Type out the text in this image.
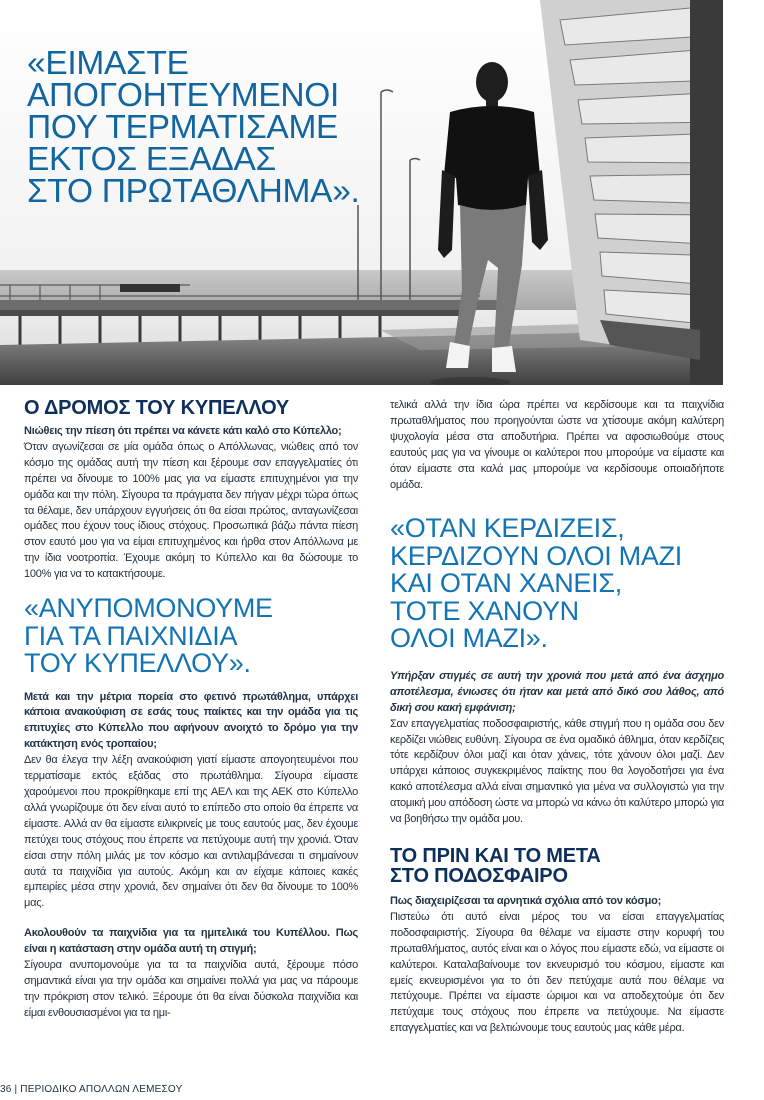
«ΕΙΜΑΣΤΕ
ΑΠΟΓΟΗΤΕΥΜΕΝΟΙ
ΠΟΥ ΤΕΡΜΑΤΙΣΑΜΕ
ΕΚΤΟΣ ΕΞΑΔΑΣ
ΣΤΟ ΠΡΩΤΑΘΛΗΜΑ».

Ο ΔΡΟΜΟΣ ΤΟΥ ΚΥΠΕΛΛΟΥ

Νιώθεις την πίεση ότι πρέπει να κάνετε κάτι καλό στο Κύπελλο;
Όταν αγωνίζεσαι σε μία ομάδα όπως ο Απόλλωνας, νιώθεις από τον κόσμο της ομάδας αυτή την πίεση και ξέρουμε σαν επαγγελματίες ότι πρέπει να δίνουμε το 100% μας για να είμαστε επιτυχημένοι για την ομάδα και την πόλη. Σίγουρα τα πράγματα δεν πήγαν μέχρι τώρα όπως τα θέλαμε, δεν υπάρχουν εγγυήσεις ότι θα είσαι πρώτος, ανταγωνίζεσαι ομάδες που έχουν τους ίδιους στόχους. Προσωπικά βάζω πάντα πίεση στον εαυτό μου για να είμαι επιτυχημένος και ήρθα στον Απόλλωνα με την ίδια νοοτροπία. Έχουμε ακόμη το Κύπελλο και θα δώσουμε το 100% για να το κατακτήσουμε.

«ΑΝΥΠΟΜΟΝΟΥΜΕ
ΓΙΑ ΤΑ ΠΑΙΧΝΙΔΙΑ
ΤΟΥ ΚΥΠΕΛΛΟΥ».

Μετά και την μέτρια πορεία στο φετινό πρωτάθλημα, υπάρχει κάποια ανακούφιση σε εσάς τους παίκτες και την ομάδα για τις επιτυχίες στο Κύπελλο που αφήνουν ανοιχτό το δρόμο για την κατάκτηση ενός τροπαίου;
Δεν θα έλεγα την λέξη ανακούφιση γιατί είμαστε απογοητευμένοι που τερματίσαμε εκτός εξάδας στο πρωτάθλημα. Σίγουρα είμαστε χαρούμενοι που προκρίθηκαμε επί της ΑΕΛ και της ΑΕΚ στο Κύπελλο αλλά γνωρίζουμε ότι δεν είναι αυτό το επίπεδο στο οποίο θα έπρεπε να είμαστε. Αλλά αν θα είμαστε ειλικρινείς με τους εαυτούς μας, δεν έχουμε πετύχει τους στόχους που έπρεπε να πετύχουμε αυτή την χρονιά. Όταν είσαι στην πόλη μιλάς με τον κόσμο και αντιλαμβάνεσαι τι σημαίνουν αυτά τα παιχνίδια για αυτούς. Ακόμη και αν είχαμε κάποιες κακές εμπειρίες μέσα στην χρονιά, δεν σημαίνει ότι δεν θα δίνουμε το 100% μας.

Ακολουθούν τα παιχνίδια για τα ημιτελικά του Κυπέλλου. Πως είναι η κατάσταση στην ομάδα αυτή τη στιγμή;
Σίγουρα ανυπομονούμε για τα τα παιχνίδια αυτά, ξέρουμε πόσο σημαντικά είναι για την ομάδα και σημαίνει πολλά για μας να πάρουμε την πρόκριση στον τελικό. Ξέρουμε ότι θα είναι δύσκολα παιχνίδια και είμαι ενθουσιασμένοι για τα ημι-

τελικά αλλά την ίδια ώρα πρέπει να κερδίσουμε και τα παιχνίδια πρωταθλήματος που προηγούνται ώστε να χτίσουμε ακόμη καλύτερη ψυχολογία μέσα στα αποδυτήρια. Πρέπει να αφοσιωθούμε στους εαυτούς μας για να γίνουμε οι καλύτεροι που μπορούμε να είμαστε και όταν είμαστε στα καλά μας μπορούμε να κερδίσουμε οποιαδήποτε ομάδα.

«ΟΤΑΝ ΚΕΡΔΙΖΕΙΣ,
ΚΕΡΔΙΖΟΥΝ ΟΛΟΙ ΜΑΖΙ
ΚΑΙ ΟΤΑΝ ΧΑΝΕΙΣ,
ΤΟΤΕ ΧΑΝΟΥΝ
ΟΛΟΙ ΜΑΖΙ».

Υπήρξαν στιγμές σε αυτή την χρονιά που μετά από ένα άσχημο αποτέλεσμα, ένιωσες ότι ήταν και μετά από δικό σου λάθος, από δική σου κακή εμφάνιση;
Σαν επαγγελματίας ποδοσφαιριστής, κάθε στιγμή που η ομάδα σου δεν κερδίζει νιώθεις ευθύνη. Σίγουρα σε ένα ομαδικό άθλημα, όταν κερδίζεις τότε κερδίζουν όλοι μαζί και όταν χάνεις, τότε χάνουν όλοι μαζί. Δεν υπάρχει κάποιος συγκεκριμένος παίκτης που θα λογοδοτήσει για ένα κακό αποτέλεσμα αλλά είναι σημαντικό για μένα να συλλογιστώ για την ατομική μου απόδοση ώστε να μπορώ να κάνω ότι καλύτερο μπορώ για να βοηθήσω την ομάδα μου.

ΤΟ ΠΡΙΝ ΚΑΙ ΤΟ ΜΕΤΑ
ΣΤΟ ΠΟΔΟΣΦΑΙΡΟ

Πως διαχειρίζεσαι τα αρνητικά σχόλια από τον κόσμο;
Πιστεύω ότι αυτό είναι μέρος του να είσαι επαγγελματίας ποδοσφαιριστής. Σίγουρα θα θέλαμε να είμαστε στην κορυφή του πρωταθλήματος, αυτός είναι και ο λόγος που είμαστε εδώ, να είμαστε οι καλύτεροι. Καταλαβαίνουμε τον εκνευρισμό του κόσμου, είμαστε και εμείς εκνευρισμένοι για το ότι δεν πετύχαμε αυτά που θέλαμε να πετύχουμε. Πρέπει να είμαστε ώριμοι και να αποδεχτούμε ότι δεν πετύχαμε τους στόχους που έπρεπε να πετύχουμε. Να είμαστε επαγγελματίες και να βελτιώνουμε τους εαυτούς μας κάθε μέρα.

36 | ΠΕΡΙΟΔΙΚΟ ΑΠΟΛΛΩΝ ΛΕΜΕΣΟΥ
